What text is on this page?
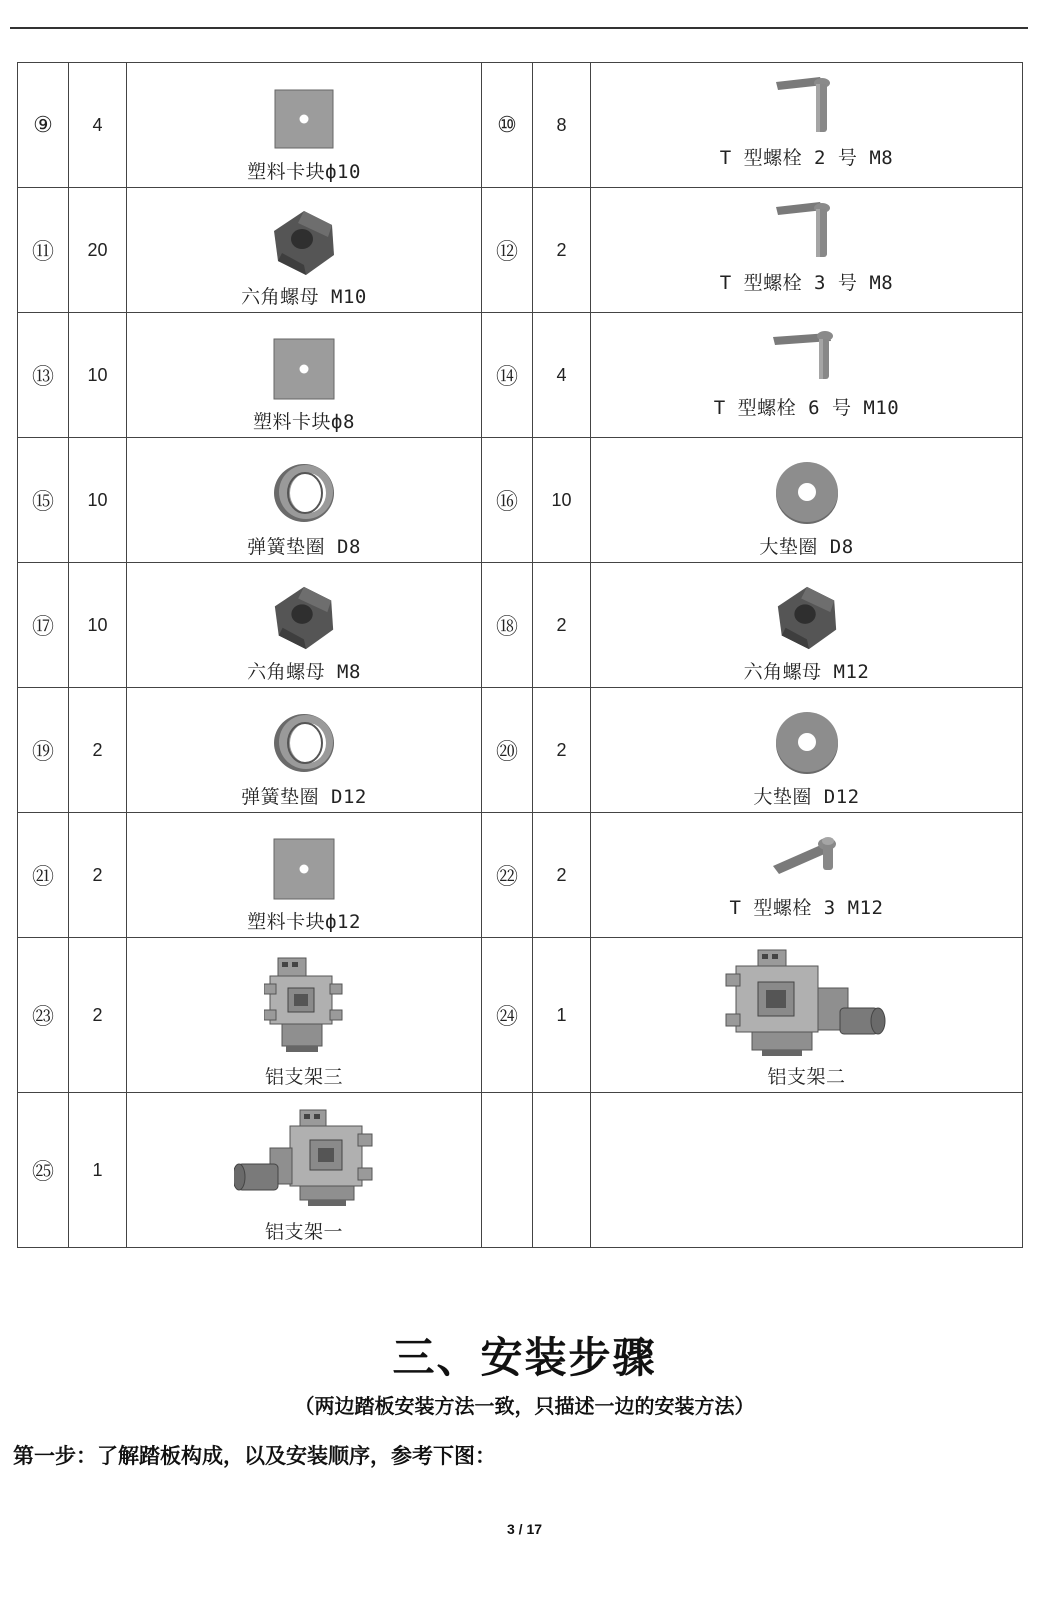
⑨	4	塑料卡块ф10	⑩	8	T 型螺栓 2 号 M8

⑪	20	六角螺母 M10	⑫	2	T 型螺栓 3 号 M8

⑬	10	塑料卡块ф8	⑭	4	T 型螺栓 6 号 M10

⑮	10	弹簧垫圈 D8	⑯	10	大垫圈 D8

⑰	10	六角螺母 M8	⑱	2	六角螺母 M12

⑲	2	弹簧垫圈 D12	⑳	2	大垫圈 D12

㉑	2	塑料卡块ф12	㉒	2	T 型螺栓 3 M12

㉓	2	铝支架三	㉔	1	铝支架二

㉕	1	铝支架一			

三、安装步骤
（两边踏板安装方法一致，只描述一边的安装方法）
第一步：了解踏板构成，以及安装顺序，参考下图：
3 / 17
